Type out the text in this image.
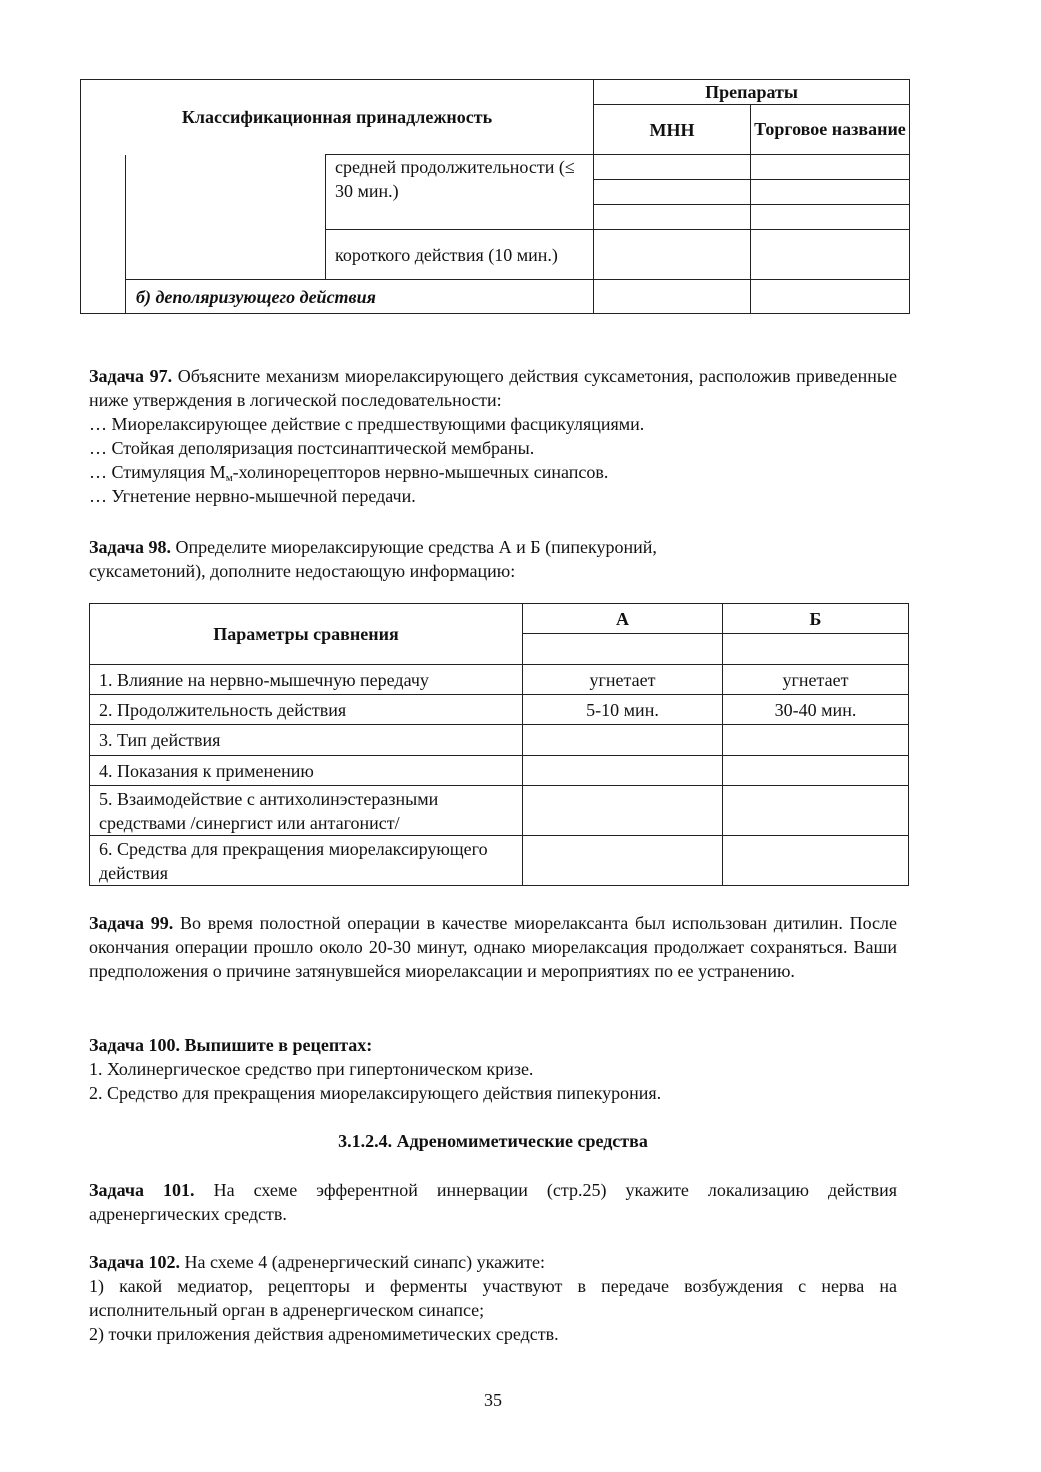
Классификационная принадлежность			Препараты	
			МНН	Торговое название
		средней продолжительности (≤ 30 мин.)		

		короткого действия (10 мин.)		
	б) деполяризующего действия			
Задача 97. Объясните механизм миорелаксирующего действия суксаметония, расположив приведенные ниже утверждения в логической последовательности:
… Миорелаксирующее действие с предшествующими фасцикуляциями.
… Стойкая деполяризация постсинаптической мембраны.
… Стимуляция $М_м$-холинорецепторов нервно-мышечных синапсов.
… Угнетение нервно-мышечной передачи.
Задача 98. Определите миорелаксирующие средства А и Б (пипекуроний,
суксаметоний), дополните недостающую информацию:
Параметры сравнения	А	Б

1. Влияние на нервно-мышечную передачу	угнетает	угнетает
2. Продолжительность действия	5-10 мин.	30-40 мин.
3. Тип действия		
4. Показания к применению		
5. Взаимодействие с антихолинэстеразными средствами /синергист или антагонист/		
6. Средства для прекращения миорелаксирующего действия		
Задача 99. Во время полостной операции в качестве миорелаксанта был использован дитилин. После окончания операции прошло около 20-30 минут, однако миорелаксация продолжает сохраняться. Ваши предположения о причине затянувшейся миорелаксации и мероприятиях по ее устранению.
Задача 100. Выпишите в рецептах:
1. Холинергическое средство при гипертоническом кризе.
2. Средство для прекращения миорелаксирующего действия пипекурония.
3.1.2.4. Адреномиметические средства
Задача 101. На схеме эфферентной иннервации (стр.25) укажите локализацию действия адренергических средств.
Задача 102. На схеме 4 (адренергический синапс) укажите:
1) какой медиатор, рецепторы и ферменты участвуют в передаче возбуждения с нерва на исполнительный орган в адренергическом синапсе;
2) точки приложения действия адреномиметических средств.
35
